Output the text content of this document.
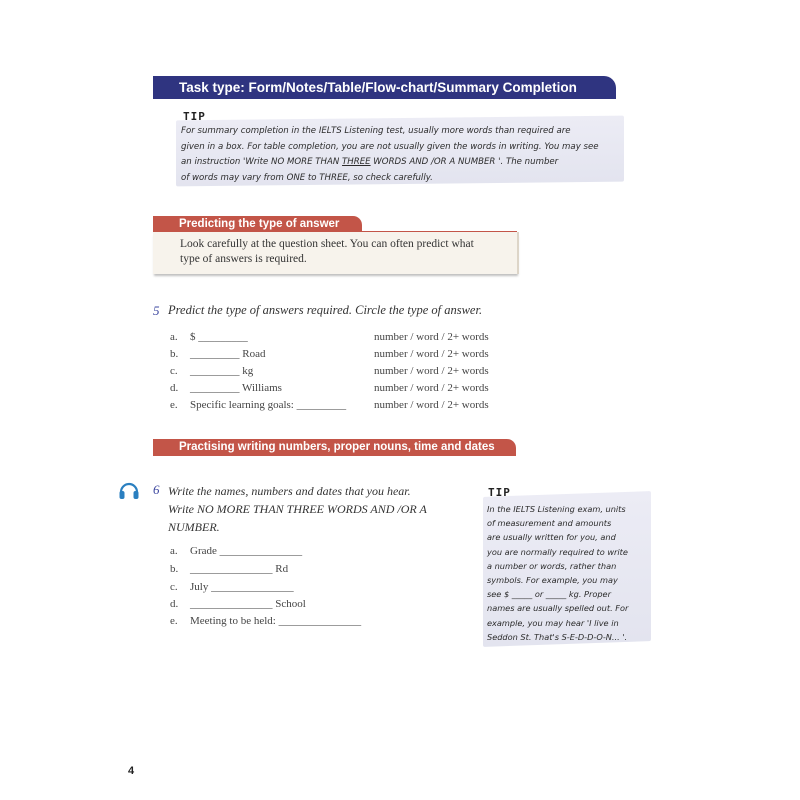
Task type: Form/Notes/Table/Flow-chart/Summary Completion
TIP
For summary completion in the IELTS Listening test, usually more words than required are
given in a box. For table completion, you are not usually given the words in writing. You may see
an instruction 'Write NO MORE THAN THREE WORDS AND /OR A NUMBER '. The number
of words may vary from ONE to THREE, so check carefully.
Predicting the type of answer
Look carefully at the question sheet. You can often predict what
type of answers is required.
5 Predict the type of answers required. Circle the type of answer.
a. $ _________	number / word / 2+ words
b. _________ Road	number / word / 2+ words
c. _________ kg	number / word / 2+ words
d. _________ Williams	number / word / 2+ words
e. Specific learning goals: _________	number / word / 2+ words
Practising writing numbers, proper nouns, time and dates
6 Write the names, numbers and dates that you hear.
Write NO MORE THAN THREE WORDS AND /OR A
NUMBER.
a. Grade _______________
b. _______________ Rd
c. July _______________
d. _______________ School
e. Meeting to be held: _______________
TIP
In the IELTS Listening exam, units
of measurement and amounts
are usually written for you, and
you are normally required to write
a number or words, rather than
symbols. For example, you may
see $ _____ or _____ kg. Proper
names are usually spelled out. For
example, you may hear 'I live in
Seddon St. That's S-E-D-D-O-N... '.
4
